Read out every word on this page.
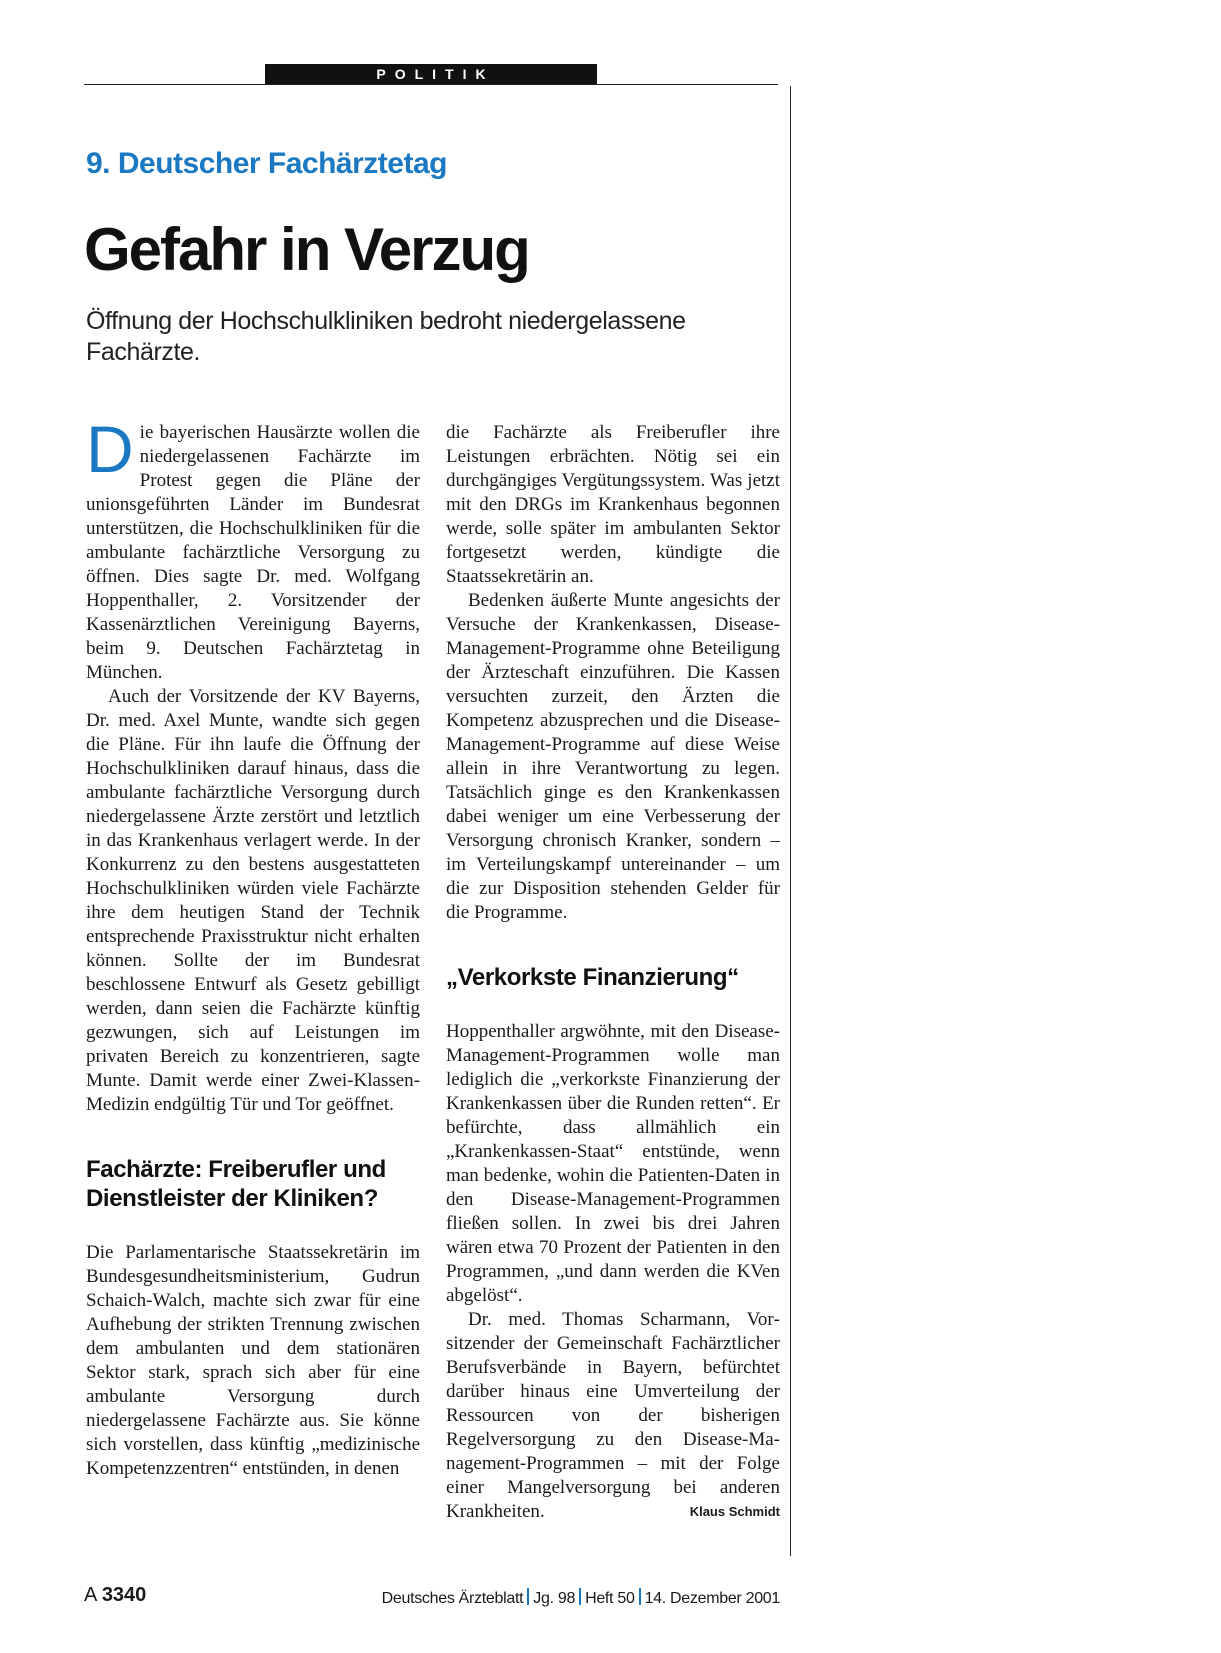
POLITIK
9. Deutscher Fachärztetag
Gefahr in Verzug
Öffnung der Hochschulkliniken bedroht niedergelassene Fachärzte.

Die bayerischen Hausärzte wollen die niedergelassenen Fachärzte im Protest gegen die Pläne der unionsgeführten Länder im Bundesrat unterstützen, die Hochschulkliniken für die ambulante fachärztliche Versorgung zu öffnen. Dies sagte Dr. med. Wolfgang Hoppenthaller, 2. Vorsitzender der Kassenärztlichen Vereinigung Bayerns, beim 9. Deutschen Fachärztetag in München.

Auch der Vorsitzende der KV Bayerns, Dr. med. Axel Munte, wandte sich gegen die Pläne. Für ihn laufe die Öffnung der Hochschulkliniken darauf hinaus, dass die ambulante fachärztliche Versorgung durch niedergelassene Ärzte zerstört und letztlich in das Krankenhaus verlagert werde. In der Konkurrenz zu den bestens ausgestatteten Hochschulkliniken würden viele Fachärzte ihre dem heutigen Stand der Technik entsprechende Praxisstruktur nicht erhalten können. Sollte der im Bundesrat beschlossene Entwurf als Gesetz gebilligt werden, dann seien die Fachärzte künftig gezwungen, sich auf Leistungen im privaten Bereich zu konzentrieren, sagte Munte. Damit werde einer Zwei-Klassen-Medizin endgültig Tür und Tor geöffnet.

Fachärzte: Freiberufler und Dienstleister der Kliniken?

Die Parlamentarische Staatssekretärin im Bundesgesundheitsministerium, Gudrun Schaich-Walch, machte sich zwar für eine Aufhebung der strikten Trennung zwischen dem ambulanten und dem stationären Sektor stark, sprach sich aber für eine ambulante Versorgung durch niedergelassene Fachärzte aus. Sie könne sich vorstellen, dass künftig „medizinische Kompetenzzentren“ entstünden, in denen

die Fachärzte als Freiberufler ihre Leistungen erbrächten. Nötig sei ein durchgängiges Vergütungssystem. Was jetzt mit den DRGs im Krankenhaus begonnen werde, solle später im ambulanten Sektor fortgesetzt werden, kündigte die Staatssekretärin an.

Bedenken äußerte Munte angesichts der Versuche der Krankenkassen, Disease-Management-Programme ohne Beteiligung der Ärzteschaft einzuführen. Die Kassen versuchten zurzeit, den Ärzten die Kompetenz abzusprechen und die Disease-Management-Programme auf diese Weise allein in ihre Verantwortung zu legen. Tatsächlich ginge es den Krankenkassen dabei weniger um eine Verbesserung der Versorgung chronisch Kranker, sondern – im Verteilungskampf untereinander – um die zur Disposition stehenden Gelder für die Programme.

„Verkorkste Finanzierung“

Hoppenthaller argwöhnte, mit den Disease-Management-Programmen wolle man lediglich die „verkorkste Finanzierung der Krankenkassen über die Runden retten“. Er befürchte, dass allmählich ein „Krankenkassen-Staat“ entstünde, wenn man bedenke, wohin die Patienten-Daten in den Disease-Management-Programmen fließen sollen. In zwei bis drei Jahren wären etwa 70 Prozent der Patienten in den Programmen, „und dann werden die KVen abgelöst“.

Dr. med. Thomas Scharmann, Vorsitzender der Gemeinschaft Fachärztlicher Berufsverbände in Bayern, befürchtet darüber hinaus eine Umverteilung der Ressourcen von der bisherigen Regelversorgung zu den Disease-Management-Programmen – mit der Folge einer Mangelversorgung bei anderen Krankheiten.	Klaus Schmidt

A 3340	Deutsches Ärzteblatt Jg. 98 Heft 50 14. Dezember 2001
